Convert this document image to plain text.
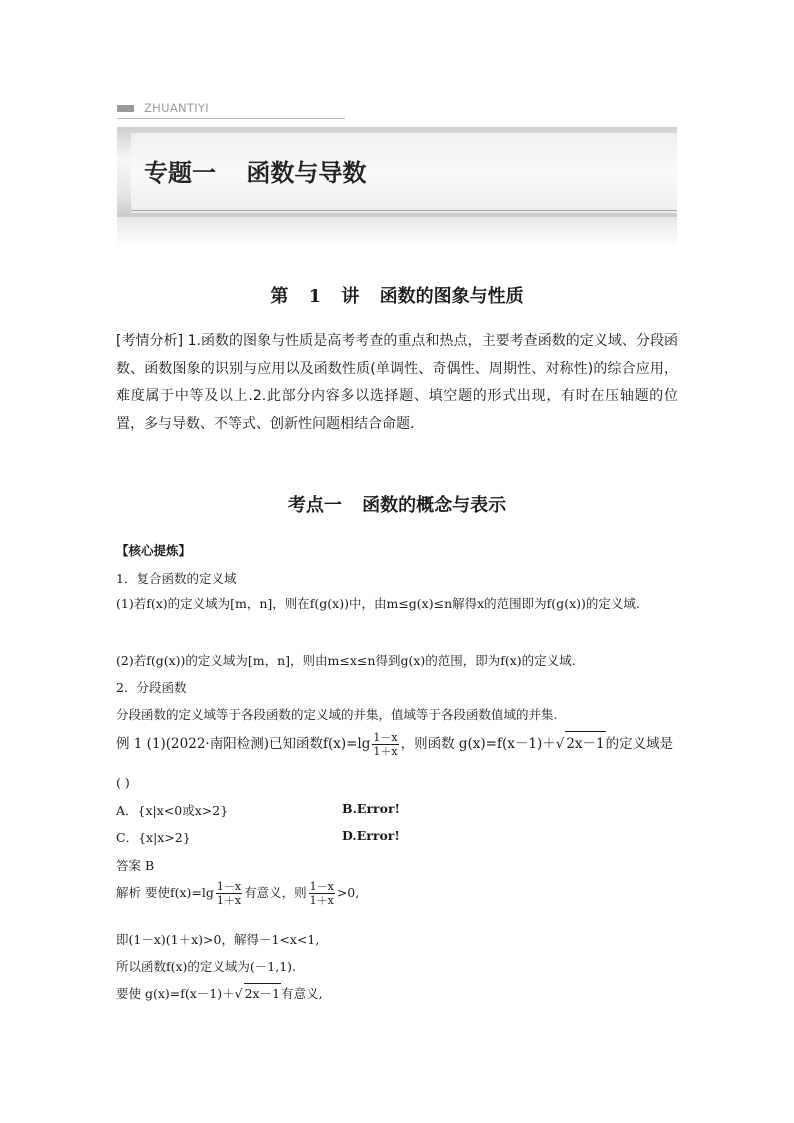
ZHUANTIYI
专题一 函数与导数
第 1 讲 函数的图象与性质
[考情分析] 1.函数的图象与性质是高考考查的重点和热点，主要考查函数的定义域、分段函数、函数图象的识别与应用以及函数性质(单调性、奇偶性、周期性、对称性)的综合应用，难度属于中等及以上.2.此部分内容多以选择题、填空题的形式出现，有时在压轴题的位置，多与导数、不等式、创新性问题相结合命题．
考点一 函数的概念与表示
【核心提炼】
1．复合函数的定义域
(1)若f(x)的定义域为[m，n]，则在f(g(x))中，由m≤g(x)≤n解得x的范围即为f(g(x))的定义域.
(2)若f(g(x))的定义域为[m，n]，则由m≤x≤n得到g(x)的范围，即为f(x)的定义域.
2．分段函数
分段函数的定义域等于各段函数的定义域的并集，值域等于各段函数值域的并集.
例 1 (1)(2022·南阳检测)已知函数$f(x)=\lg \frac{1-x}{1+x}$ ，则函数 g(x)=f(x－1)＋√ 2x－1的定义域是
( )
A．{x|x<0或x>2}	B.Error!
C．{x|x>2}	D.Error!
答案 B
解析 要使$f(x)=\lg \frac{1-x}{1+x}$ 有意义，则 $\frac{1-x}{1+x} >0$,
即(1－x)(1＋x)>0，解得－1<x<1,
所以函数f(x)的定义域为(－1,1).
要使 g(x)=f(x－1)＋√ 2x－1有意义,
